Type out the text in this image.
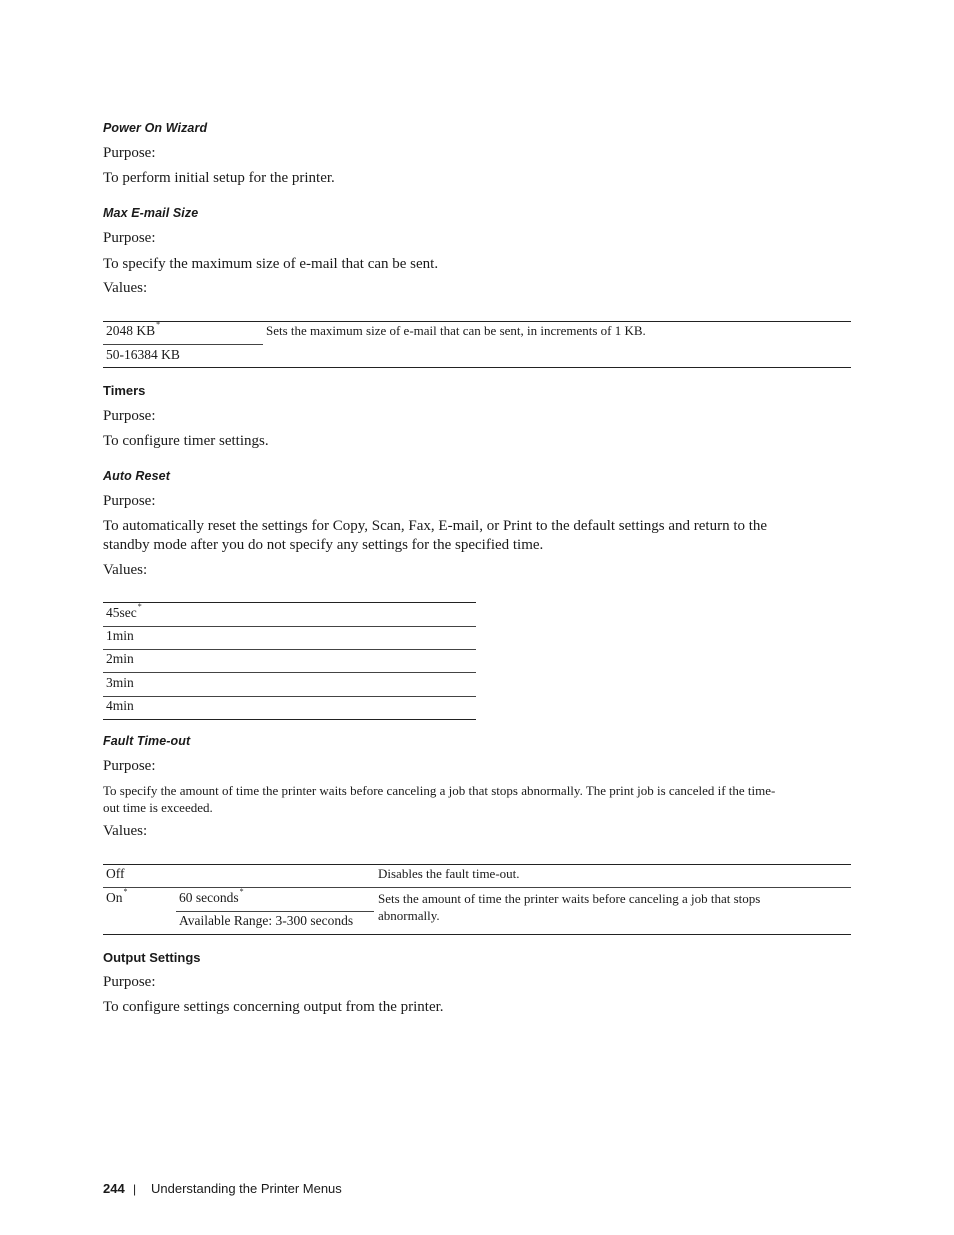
Power On Wizard
Purpose:
To perform initial setup for the printer.
Max E-mail Size
Purpose:
To specify the maximum size of e-mail that can be sent.
Values:
2048 KB*	Sets the maximum size of e-mail that can be sent, in increments of 1 KB.
50-16384 KB
Timers
Purpose:
To configure timer settings.
Auto Reset
Purpose:
To automatically reset the settings for Copy, Scan, Fax, E-mail, or Print to the default settings and return to the
standby mode after you do not specify any settings for the specified time.
Values:
45sec*
1min
2min
3min
4min
Fault Time-out
Purpose:
To specify the amount of time the printer waits before canceling a job that stops abnormally. The print job is canceled if the time-
out time is exceeded.
Values:
Off	Disables the fault time-out.
On*	60 seconds*	Sets the amount of time the printer waits before canceling a job that stops
abnormally.
Available Range: 3-300 seconds
Output Settings
Purpose:
To configure settings concerning output from the printer.
244 | Understanding the Printer Menus
